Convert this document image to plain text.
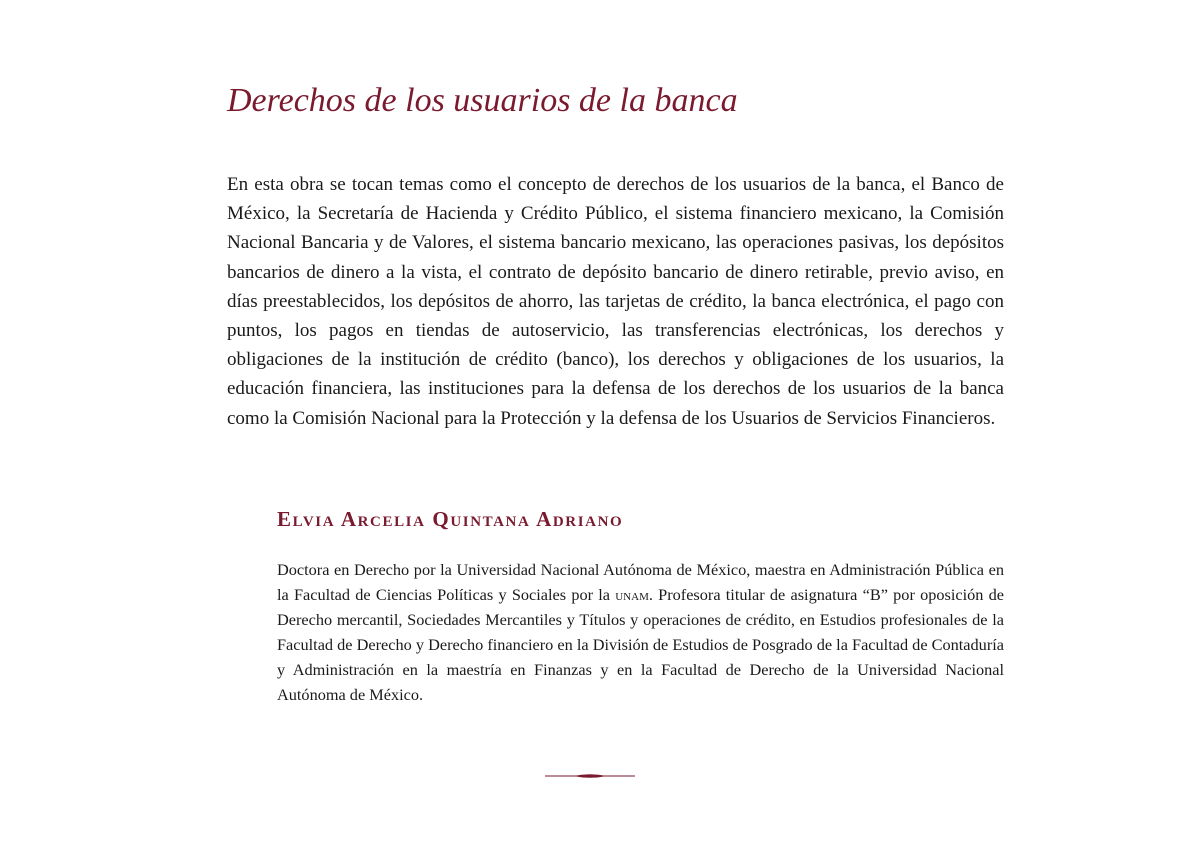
Derechos de los usuarios de la banca

En esta obra se tocan temas como el concepto de derechos de los usuarios de la banca, el Banco de México, la Secretaría de Hacienda y Crédito Público, el sistema financiero mexicano, la Comisión Nacional Bancaria y de Valores, el sistema bancario mexicano, las operaciones pasivas, los depósitos bancarios de dinero a la vista, el contrato de depósito bancario de dinero retirable, previo aviso, en días preestablecidos, los depósitos de ahorro, las tarjetas de crédito, la banca electrónica, el pago con puntos, los pagos en tiendas de autoservicio, las transferencias electrónicas, los derechos y obligaciones de la institución de crédito (banco), los derechos y obligaciones de los usuarios, la educación financiera, las instituciones para la defensa de los derechos de los usuarios de la banca como la Comisión Nacional para la Protección y la defensa de los Usuarios de Servicios Financieros.

Elvia Arcelia Quintana Adriano

Doctora en Derecho por la Universidad Nacional Autónoma de México, maestra en Administración Pública en la Facultad de Ciencias Políticas y Sociales por la unam. Profesora titular de asignatura “B” por oposición de Derecho mercantil, Sociedades Mercantiles y Títulos y operaciones de crédito, en Estudios profesionales de la Facultad de Derecho y Derecho financiero en la División de Estudios de Posgrado de la Facultad de Contaduría y Administración en la maestría en Finanzas y en la Facultad de Derecho de la Universidad Nacional Autónoma de México.
